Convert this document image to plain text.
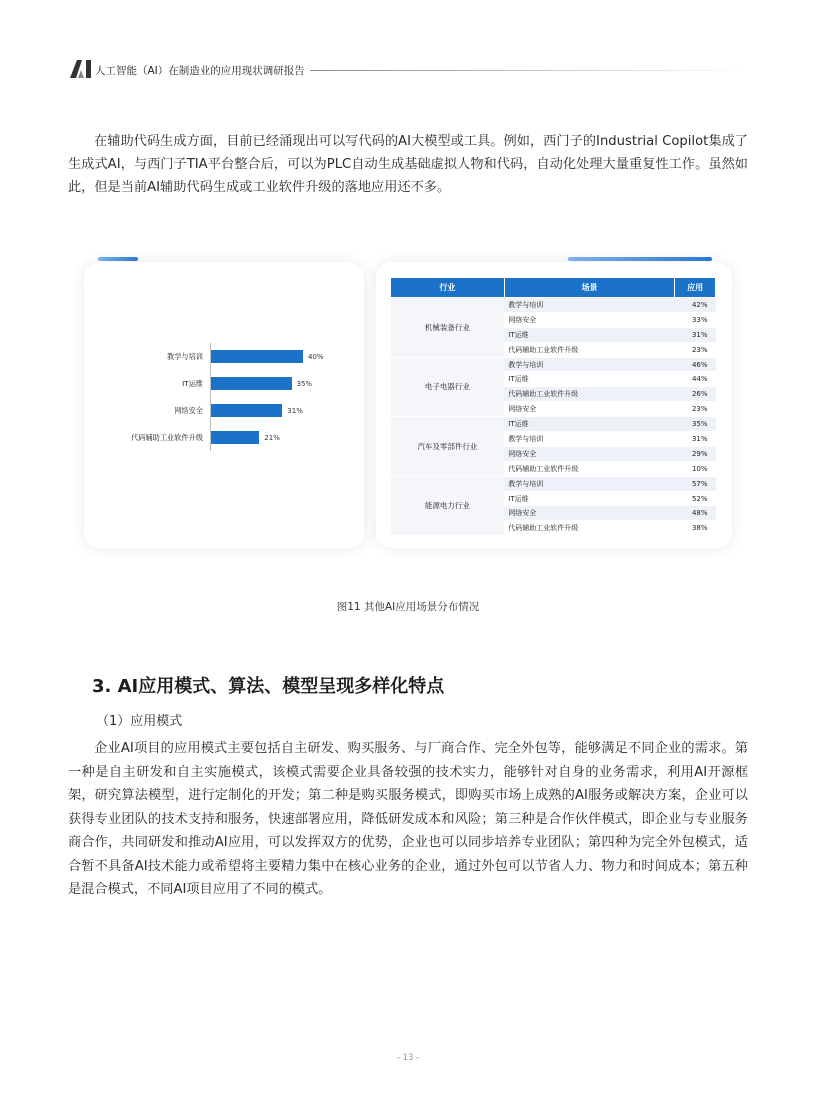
人工智能（AI）在制造业的应用现状调研报告
在辅助代码生成方面，目前已经涌现出可以写代码的AI大模型或工具。例如，西门子的Industrial Copilot集成了生成式AI，与西门子TIA平台整合后，可以为PLC自动生成基础虚拟人物和代码，自动化处理大量重复性工作。虽然如此，但是当前AI辅助代码生成或工业软件升级的落地应用还不多。
教学与培训	40%
IT运维	35%
网络安全	31%
代码辅助工业软件升级	21%
行业	场景	应用
机械装备行业	教学与培训	42%
	网络安全	33%
	IT运维	31%
	代码辅助工业软件升级	23%
电子电器行业	教学与培训	46%
	IT运维	44%
	代码辅助工业软件升级	26%
	网络安全	23%
汽车及零部件行业	IT运维	35%
	教学与培训	31%
	网络安全	29%
	代码辅助工业软件升级	10%
能源电力行业	教学与培训	57%
	IT运维	52%
	网络安全	48%
	代码辅助工业软件升级	38%
图11 其他AI应用场景分布情况
3. AI应用模式、算法、模型呈现多样化特点
（1）应用模式
企业AI项目的应用模式主要包括自主研发、购买服务、与厂商合作、完全外包等，能够满足不同企业的需求。第一种是自主研发和自主实施模式，该模式需要企业具备较强的技术实力，能够针对自身的业务需求，利用AI开源框架，研究算法模型，进行定制化的开发；第二种是购买服务模式，即购买市场上成熟的AI服务或解决方案，企业可以获得专业团队的技术支持和服务，快速部署应用，降低研发成本和风险；第三种是合作伙伴模式，即企业与专业服务商合作，共同研发和推动AI应用，可以发挥双方的优势，企业也可以同步培养专业团队；第四种为完全外包模式，适合暂不具备AI技术能力或希望将主要精力集中在核心业务的企业，通过外包可以节省人力、物力和时间成本；第五种是混合模式，不同AI项目应用了不同的模式。
- 13 -
